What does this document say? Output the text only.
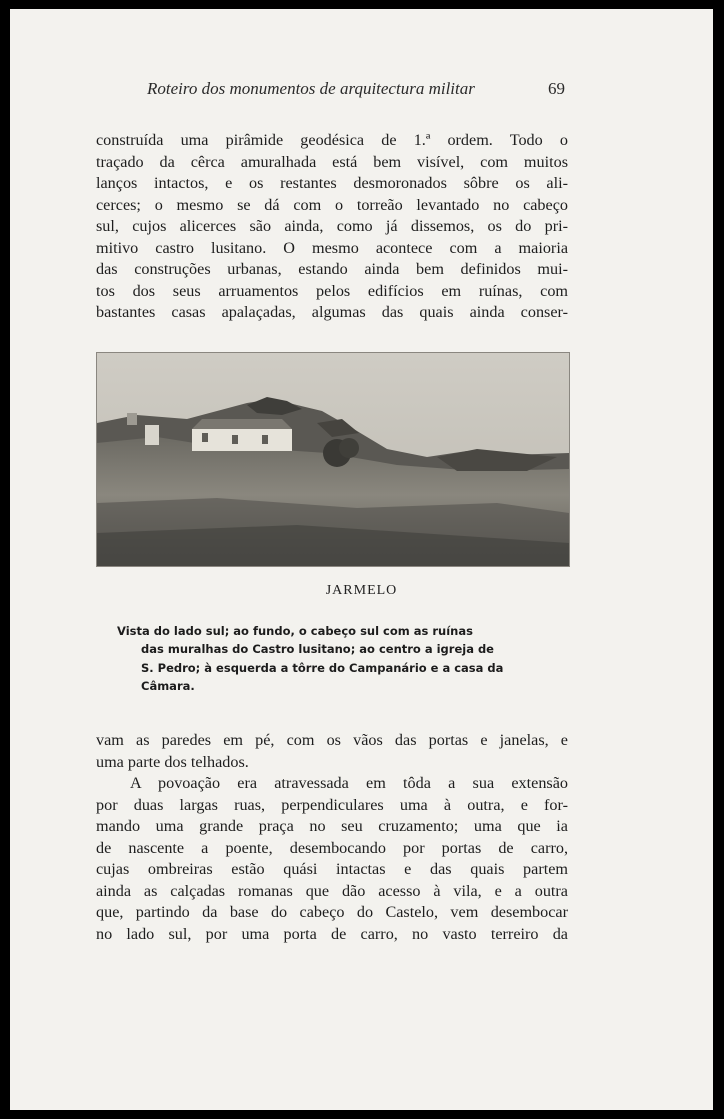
Roteiro dos monumentos de arquitectura militar	69
construída uma pirâmide geodésica de 1.ª ordem. Todo o
traçado da cêrca amuralhada está bem visível, com muitos
lanços intactos, e os restantes desmoronados sôbre os ali-
cerces; o mesmo se dá com o torreão levantado no cabeço
sul, cujos alicerces são ainda, como já dissemos, os do pri-
mitivo castro lusitano. O mesmo acontece com a maioria
das construções urbanas, estando ainda bem definidos mui-
tos dos seus arruamentos pelos edifícios em ruínas, com
bastantes casas apalaçadas, algumas das quais ainda conser-
JARMELO
Vista do lado sul; ao fundo, o cabeço sul com as ruínas
das muralhas do Castro lusitano; ao centro a igreja de
S. Pedro; à esquerda a tôrre do Campanário e a casa da
Câmara.
vam as paredes em pé, com os vãos das portas e janelas, e
uma parte dos telhados.
A povoação era atravessada em tôda a sua extensão
por duas largas ruas, perpendiculares uma à outra, e for-
mando uma grande praça no seu cruzamento; uma que ia
de nascente a poente, desembocando por portas de carro,
cujas ombreiras estão quási intactas e das quais partem
ainda as calçadas romanas que dão acesso à vila, e a outra
que, partindo da base do cabeço do Castelo, vem desembocar
no lado sul, por uma porta de carro, no vasto terreiro da
